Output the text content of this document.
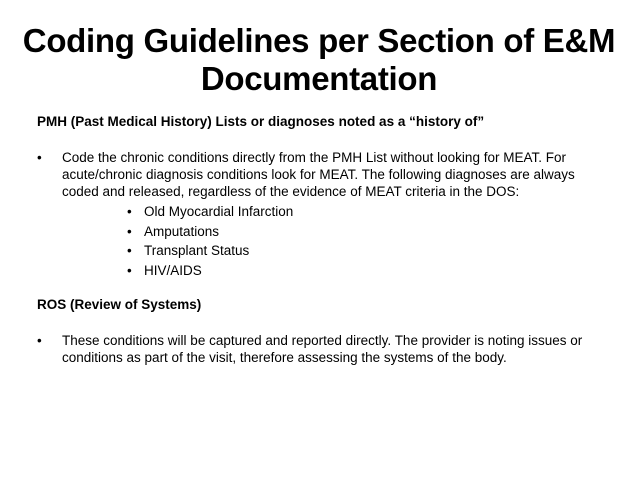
Coding Guidelines per Section of E&M
Documentation

PMH (Past Medical History) Lists or diagnoses noted as a “history of”

• Code the chronic conditions directly from the PMH List without looking for MEAT. For acute/chronic diagnosis conditions look for MEAT. The following diagnoses are always coded and released, regardless of the evidence of MEAT criteria in the DOS:
• Old Myocardial Infarction
• Amputations
• Transplant Status
• HIV/AIDS

ROS (Review of Systems)

• These conditions will be captured and reported directly. The provider is noting issues or conditions as part of the visit, therefore assessing the systems of the body.
